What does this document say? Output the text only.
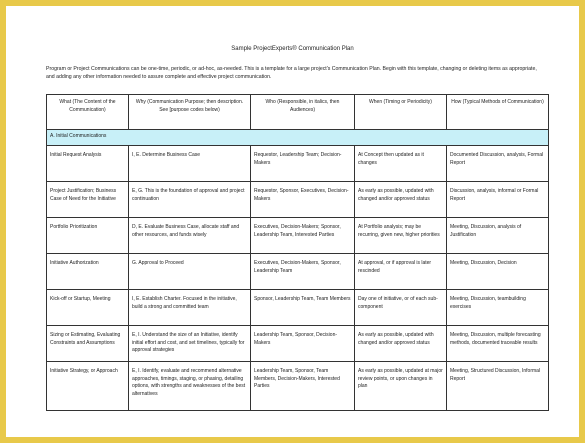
Sample ProjectExperts® Communication Plan
Program or Project Communications can be one-time, periodic, or ad-hoc, as-needed. This is a template for a large project's Communication Plan. Begin with this template, changing or deleting items as appropriate, and adding any other information needed to assure complete and effective project communication.
What (The Content of the Communication)	Why (Communication Purpose; then description. See [purpose codes below)	Who (Responsible, in italics, then Audiences)	When (Timing or Periodicity)	How (Typical Methods of Communication)
A. Initial Communications				
Initial Request Analysis	I, E. Determine Business Case	Requestor, Leadership Team; Decision-Makers	At Concept then updated as it changes	Documented Discussion, analysis, Formal Report
Project Justification; Business Case of Need for the Initiative	E, G. This is the foundation of approval and project continuation	Requestor, Sponsor, Executives, Decision-Makers	As early as possible, updated with changed and/or approved status	Discussion, analysis, informal or Formal Report
Portfolio Prioritization	D, E. Evaluate Business Case, allocate staff and other resources, and funds wisely	Executives, Decision-Makers; Sponsor, Leadership Team, Interested Parties	At Portfolio analysis; may be recurring, given new, higher priorities	Meeting, Discussion, analysis of Justification
Initiative Authorization	G. Approval to Proceed	Executives, Decision-Makers, Sponsor, Leadership Team	At approval, or if approval is later rescinded	Meeting, Discussion, Decision
Kick-off or Startup, Meeting	I, E. Establish Charter. Focused in the initiative, build a strong and committed team	Sponsor, Leadership Team, Team Members	Day one of initiative, or of each sub-component	Meeting, Discussion, teambuilding exercises
Sizing or Estimating, Evaluating Constraints and Assumptions	E, I. Understand the size of an Initiative, identify initial effort and cost, and set timelines, typically for approval strategies	Leadership Team, Sponsor, Decision-Makers	As early as possible, updated with changed and/or approved status	Meeting, Discussion, multiple forecasting methods, documented traceable results
Initiative Strategy, or Approach	E, I. Identify, evaluate and recommend alternative approaches, timings, staging, or phasing, detailing options, with strengths and weaknesses of the best alternatives	Leadership Team, Sponsor, Team Members, Decision-Makers, Interested Parties	As early as possible, updated at major review points, or upon changes in plan	Meeting, Structured Discussion, Informal Report
